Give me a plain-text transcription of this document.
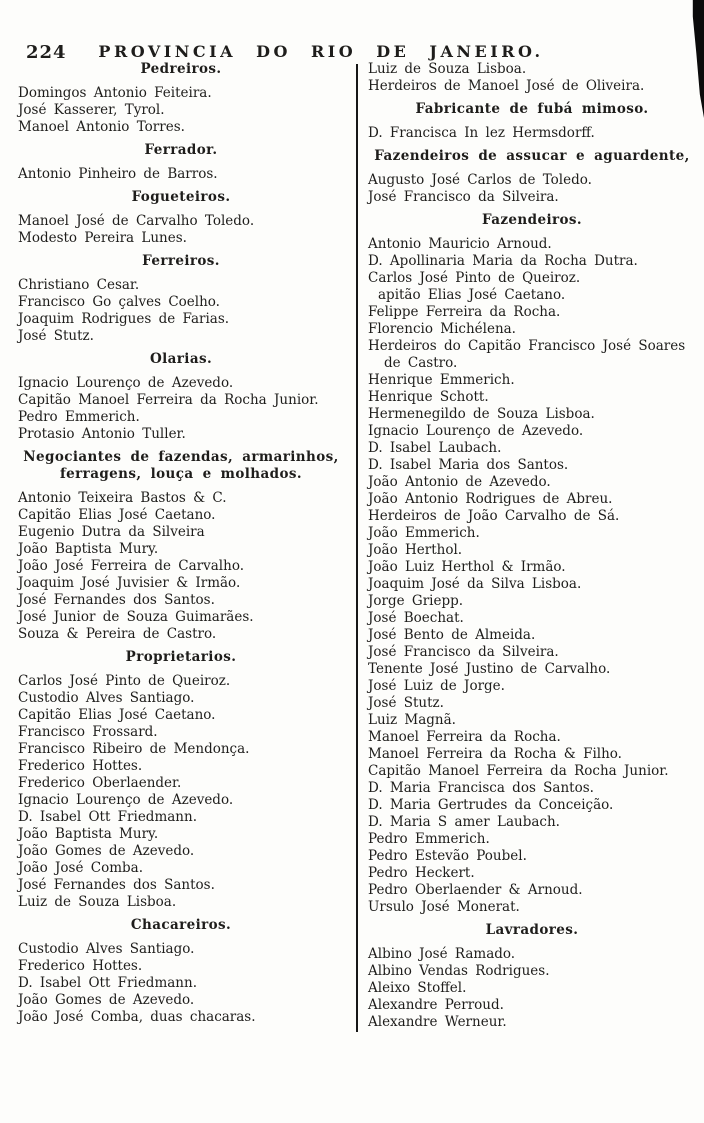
224	PROVINCIA DO RIO DE JANEIRO.
Pedreiros.
Domingos Antonio Feiteira.
José Kasserer, Tyrol.
Manoel Antonio Torres.
Ferrador.
Antonio Pinheiro de Barros.
Fogueteiros.
Manoel José de Carvalho Toledo.
Modesto Pereira Lunes.
Ferreiros.
Christiano Cesar.
Francisco Go çalves Coelho.
Joaquim Rodrigues de Farias.
José Stutz.
Olarias.
Ignacio Lourenço de Azevedo.
Capitão Manoel Ferreira da Rocha Junior.
Pedro Emmerich.
Protasio Antonio Tuller.
Negociantes de fazendas, armarinhos, ferragens, louça e molhados.
Antonio Teixeira Bastos & C.
Capitão Elias José Caetano.
Eugenio Dutra da Silveira
João Baptista Mury.
João José Ferreira de Carvalho.
Joaquim José Juvisier & Irmão.
José Fernandes dos Santos.
José Junior de Souza Guimarães.
Souza & Pereira de Castro.
Proprietarios.
Carlos José Pinto de Queiroz.
Custodio Alves Santiago.
Capitão Elias José Caetano.
Francisco Frossard.
Francisco Ribeiro de Mendonça.
Frederico Hottes.
Frederico Oberlaender.
Ignacio Lourenço de Azevedo.
D. Isabel Ott Friedmann.
João Baptista Mury.
João Gomes de Azevedo.
João José Comba.
José Fernandes dos Santos.
Luiz de Souza Lisboa.
Chacareiros.
Custodio Alves Santiago.
Frederico Hottes.
D. Isabel Ott Friedmann.
João Gomes de Azevedo.
João José Comba, duas chacaras.
Luiz de Souza Lisboa.
Herdeiros de Manoel José de Oliveira.
Fabricante de fubá mimoso.
D. Francisca In lez Hermsdorff.
Fazendeiros de assucar e aguardente,
Augusto José Carlos de Toledo.
José Francisco da Silveira.
Fazendeiros.
Antonio Mauricio Arnoud.
D. Apollinaria Maria da Rocha Dutra.
Carlos José Pinto de Queiroz.
apitão Elias José Caetano.
Felippe Ferreira da Rocha.
Florencio Michélena.
Herdeiros do Capitão Francisco José Soares de Castro.
Henrique Emmerich.
Henrique Schott.
Hermenegildo de Souza Lisboa.
Ignacio Lourenço de Azevedo.
D. Isabel Laubach.
D. Isabel Maria dos Santos.
João Antonio de Azevedo.
João Antonio Rodrigues de Abreu.
Herdeiros de João Carvalho de Sá.
João Emmerich.
João Herthol.
João Luiz Herthol & Irmão.
Joaquim José da Silva Lisboa.
Jorge Griepp.
José Boechat.
José Bento de Almeida.
José Francisco da Silveira.
Tenente José Justino de Carvalho.
José Luiz de Jorge.
José Stutz.
Luiz Magnã.
Manoel Ferreira da Rocha.
Manoel Ferreira da Rocha & Filho.
Capitão Manoel Ferreira da Rocha Junior.
D. Maria Francisca dos Santos.
D. Maria Gertrudes da Conceição.
D. Maria S amer Laubach.
Pedro Emmerich.
Pedro Estevão Poubel.
Pedro Heckert.
Pedro Oberlaender & Arnoud.
Ursulo José Monerat.
Lavradores.
Albino José Ramado.
Albino Vendas Rodrigues.
Aleixo Stoffel.
Alexandre Perroud.
Alexandre Werneur.
